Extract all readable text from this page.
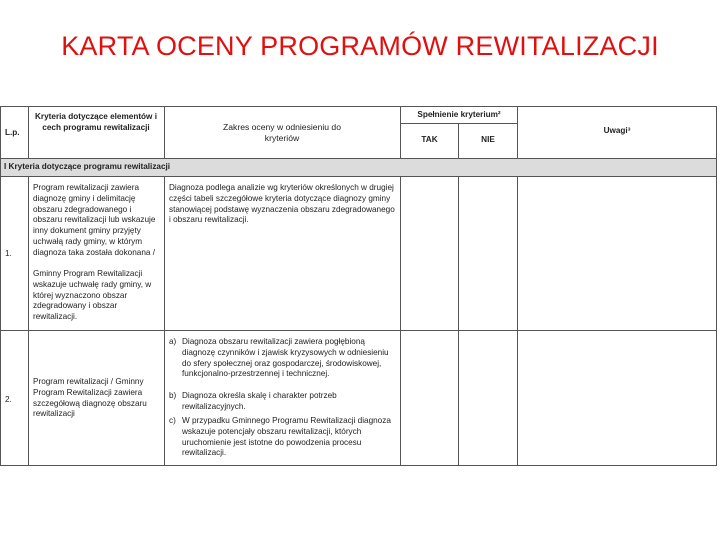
KARTA OCENY PROGRAMÓW REWITALIZACJI
L.p.
Kryteria dotyczące elementów i cech programu rewitalizacji	Zakres oceny w odniesieniu do kryteriów
Spełnienie kryterium²
TAK	NIE
Uwagi³
I Kryteria dotyczące programu rewitalizacji
1.
Program rewitalizacji zawiera diagnozę gminy i delimitację obszaru zdegradowanego i obszaru rewitalizacji lub wskazuje inny dokument gminy przyjęty uchwałą rady gminy, w którym diagnoza taka została dokonana /
Gminny Program Rewitalizacji wskazuje uchwałę rady gminy, w której wyznaczono obszar zdegradowany i obszar rewitalizacji.
Diagnoza podlega analizie wg kryteriów określonych w drugiej części tabeli szczegółowe kryteria dotyczące diagnozy gminy stanowiącej podstawę wyznaczenia obszaru zdegradowanego i obszaru rewitalizacji.
2.
Program rewitalizacji / Gminny Program Rewitalizacji zawiera szczegółową diagnozę obszaru rewitalizacji
a) Diagnoza obszaru rewitalizacji zawiera pogłębioną diagnozę czynników i zjawisk kryzysowych w odniesieniu do sfery społecznej oraz gospodarczej, środowiskowej, funkcjonalno-przestrzennej i technicznej.
b) Diagnoza określa skalę i charakter potrzeb rewitalizacyjnych.
c) W przypadku Gminnego Programu Rewitalizacji diagnoza wskazuje potencjały obszaru rewitalizacji, których uruchomienie jest istotne do powodzenia procesu rewitalizacji.
